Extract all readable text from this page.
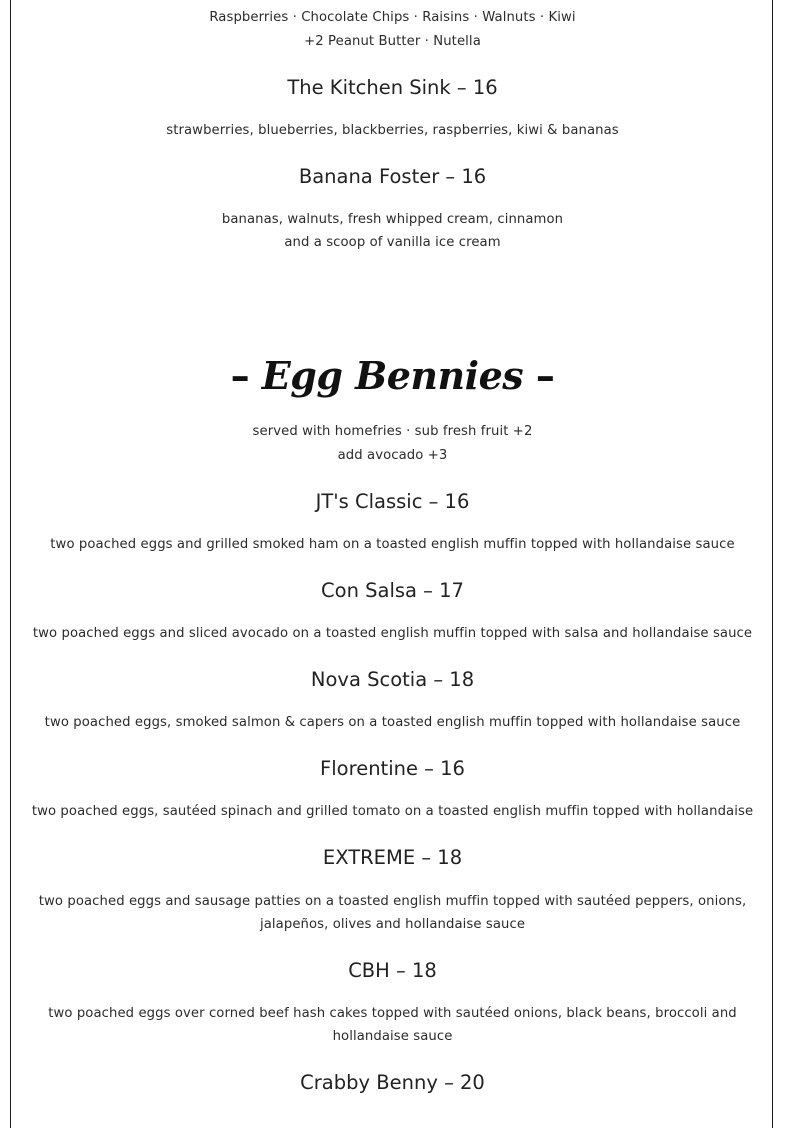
Raspberries · Chocolate Chips · Raisins · Walnuts · Kiwi
+2 Peanut Butter · Nutella
The Kitchen Sink – 16
strawberries, blueberries, blackberries, raspberries, kiwi & bananas
Banana Foster – 16
bananas, walnuts, fresh whipped cream, cinnamon
and a scoop of vanilla ice cream
– Egg Bennies –
served with homefries · sub fresh fruit +2
add avocado +3
JT's Classic – 16
two poached eggs and grilled smoked ham on a toasted english muffin topped with hollandaise sauce
Con Salsa – 17
two poached eggs and sliced avocado on a toasted english muffin topped with salsa and hollandaise sauce
Nova Scotia – 18
two poached eggs, smoked salmon & capers on a toasted english muffin topped with hollandaise sauce
Florentine – 16
two poached eggs, sautéed spinach and grilled tomato on a toasted english muffin topped with hollandaise
EXTREME – 18
two poached eggs and sausage patties on a toasted english muffin topped with sautéed peppers, onions,
jalapeños, olives and hollandaise sauce
CBH – 18
two poached eggs over corned beef hash cakes topped with sautéed onions, black beans, broccoli and
hollandaise sauce
Crabby Benny – 20
